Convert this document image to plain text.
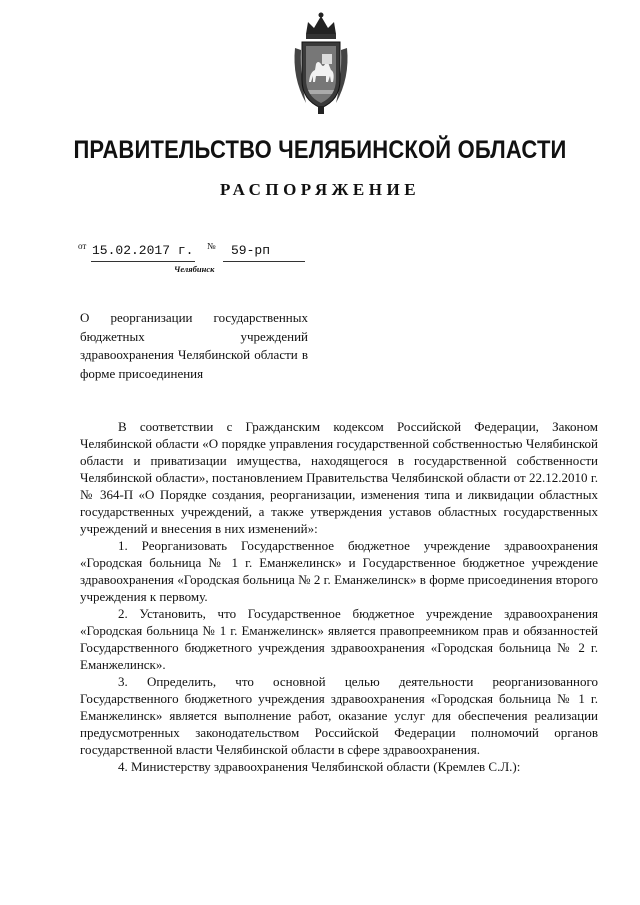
ПРАВИТЕЛЬСТВО ЧЕЛЯБИНСКОЙ ОБЛАСТИ
РАСПОРЯЖЕНИЕ
от 15.02.2017 г. № 59-рп
Челябинск
О реорганизации государственных бюджетных учреждений здравоохранения Челябинской области в форме присоединения

В соответствии с Гражданским кодексом Российской Федерации, Законом Челябинской области «О порядке управления государственной собственностью Челябинской области и приватизации имущества, находящегося в государственной собственности Челябинской области», постановлением Правительства Челябинской области от 22.12.2010 г. № 364-П «О Порядке создания, реорганизации, изменения типа и ликвидации областных государственных учреждений, а также утверждения уставов областных государственных учреждений и внесения в них изменений»:

1. Реорганизовать Государственное бюджетное учреждение здравоохранения «Городская больница № 1 г. Еманжелинск» и Государственное бюджетное учреждение здравоохранения «Городская больница № 2 г. Еманжелинск» в форме присоединения второго учреждения к первому.

2. Установить, что Государственное бюджетное учреждение здравоохранения «Городская больница № 1 г. Еманжелинск» является правопреемником прав и обязанностей Государственного бюджетного учреждения здравоохранения «Городская больница № 2 г. Еманжелинск».

3. Определить, что основной целью деятельности реорганизованного Государственного бюджетного учреждения здравоохранения «Городская больница № 1 г. Еманжелинск» является выполнение работ, оказание услуг для обеспечения реализации предусмотренных законодательством Российской Федерации полномочий органов государственной власти Челябинской области в сфере здравоохранения.

4. Министерству здравоохранения Челябинской области (Кремлев С.Л.):
